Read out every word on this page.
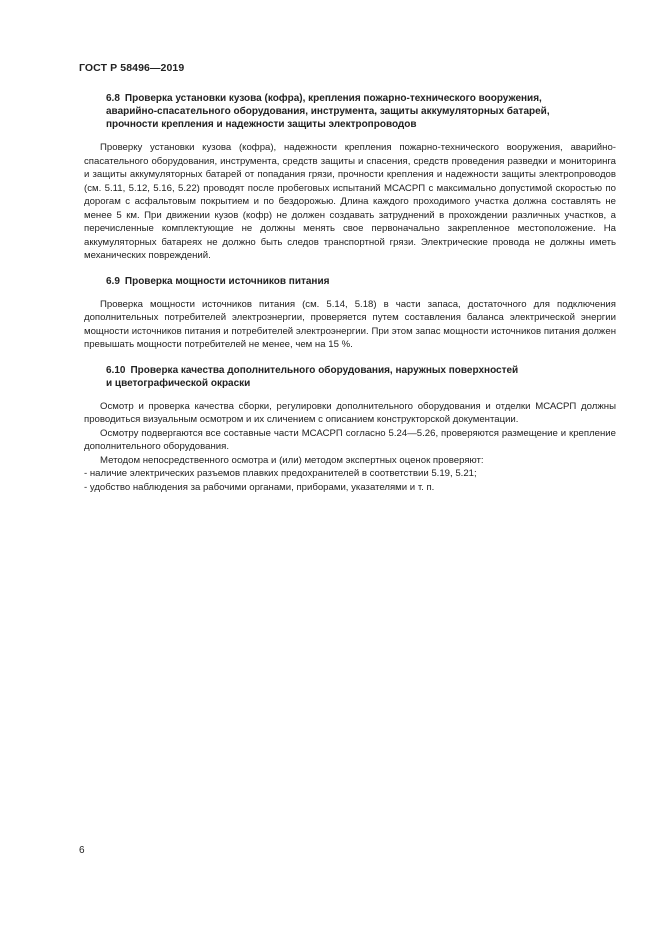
ГОСТ Р 58496—2019
6.8 Проверка установки кузова (кофра), крепления пожарно-технического вооружения,
аварийно-спасательного оборудования, инструмента, защиты аккумуляторных батарей,
прочности крепления и надежности защиты электропроводов

Проверку установки кузова (кофра), надежности крепления пожарно-технического вооружения, аварийно-спасательного оборудования, инструмента, средств защиты и спасения, средств проведения разведки и мониторинга и защиты аккумуляторных батарей от попадания грязи, прочности крепления и надежности защиты электропроводов (см. 5.11, 5.12, 5.16, 5.22) проводят после пробеговых испытаний МСАСРП с максимально допустимой скоростью по дорогам с асфальтовым покрытием и по бездорожью. Длина каждого проходимого участка должна составлять не менее 5 км. При движении кузов (кофр) не должен создавать затруднений в прохождении различных участков, а перечисленные комплектующие не должны менять свое первоначально закрепленное местоположение. На аккумуляторных батареях не должно быть следов транспортной грязи. Электрические провода не должны иметь механических повреждений.

6.9 Проверка мощности источников питания

Проверка мощности источников питания (см. 5.14, 5.18) в части запаса, достаточного для подключения дополнительных потребителей электроэнергии, проверяется путем составления баланса электрической энергии мощности источников питания и потребителей электроэнергии. При этом запас мощности источников питания должен превышать мощности потребителей не менее, чем на 15 %.

6.10 Проверка качества дополнительного оборудования, наружных поверхностей
и цветографической окраски

Осмотр и проверка качества сборки, регулировки дополнительного оборудования и отделки МСАСРП должны проводиться визуальным осмотром и их сличением с описанием конструкторской документации.

Осмотру подвергаются все составные части МСАСРП согласно 5.24—5.26, проверяются размещение и крепление дополнительного оборудования.

Методом непосредственного осмотра и (или) методом экспертных оценок проверяют:

- наличие электрических разъемов плавких предохранителей в соответствии 5.19, 5.21;

- удобство наблюдения за рабочими органами, приборами, указателями и т. п.

6
